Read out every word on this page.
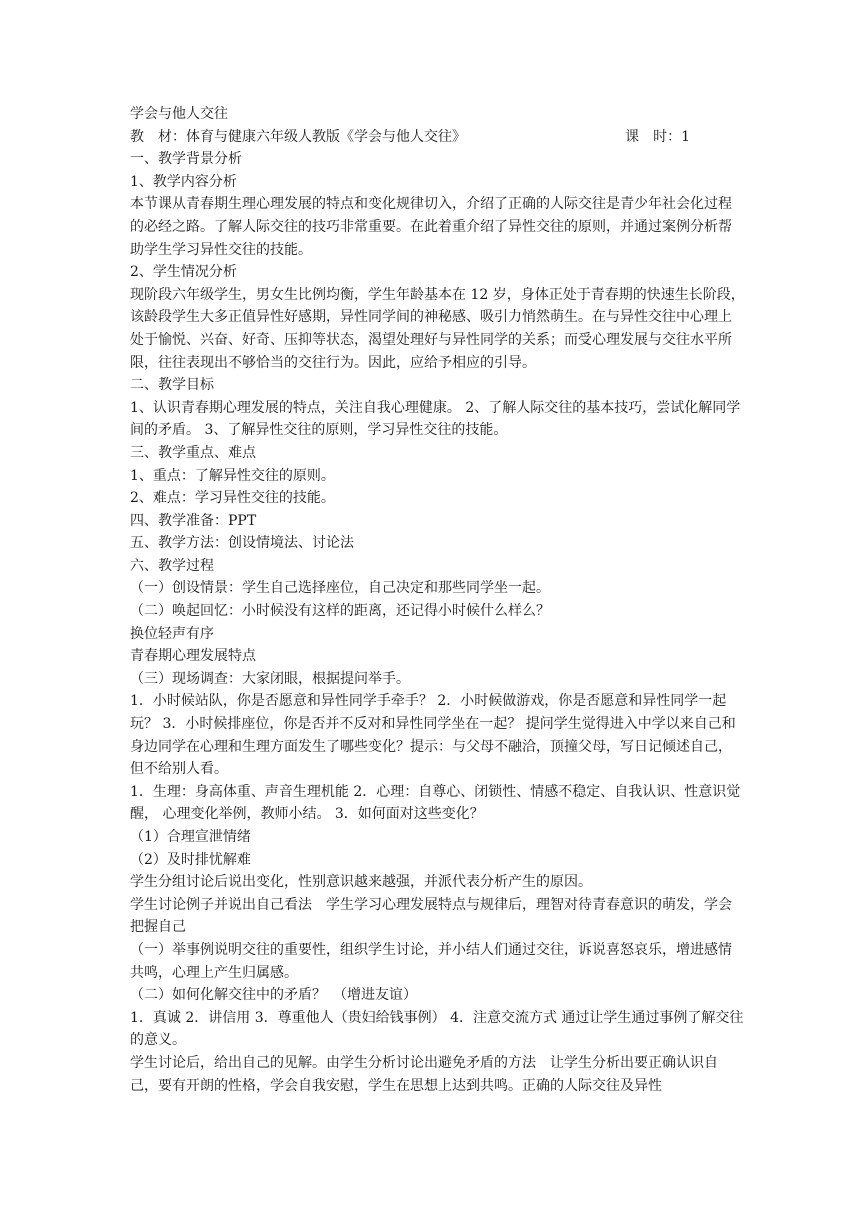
学会与他人交往

教　材：体育与健康六年级人教版《学会与他人交往》	课　时：1

一、教学背景分析

1、教学内容分析

本节课从青春期生理心理发展的特点和变化规律切入，介绍了正确的人际交往是青少年社会化过程的必经之路。了解人际交往的技巧非常重要。在此着重介绍了异性交往的原则，并通过案例分析帮助学生学习异性交往的技能。

2、学生情况分析

现阶段六年级学生，男女生比例均衡，学生年龄基本在 12 岁，身体正处于青春期的快速生长阶段，该龄段学生大多正值异性好感期，异性同学间的神秘感、吸引力悄然萌生。在与异性交往中心理上处于愉悦、兴奋、好奇、压抑等状态，渴望处理好与异性同学的关系；而受心理发展与交往水平所限，往往表现出不够恰当的交往行为。因此，应给予相应的引导。

二、教学目标

1、认识青春期心理发展的特点，关注自我心理健康。 2、了解人际交往的基本技巧，尝试化解同学间的矛盾。 3、了解异性交往的原则，学习异性交往的技能。

三、教学重点、难点

1、重点：了解异性交往的原则。

2、难点：学习异性交往的技能。

四、教学准备：PPT

五、教学方法：创设情境法、讨论法

六、教学过程

（一）创设情景：学生自己选择座位，自己决定和那些同学坐一起。

（二）唤起回忆：小时候没有这样的距离，还记得小时候什么样么？

换位轻声有序

青春期心理发展特点

（三）现场调查：大家闭眼，根据提问举手。

1．小时候站队，你是否愿意和异性同学手牵手？ 2．小时候做游戏，你是否愿意和异性同学一起玩？ 3．小时候排座位，你是否并不反对和异性同学坐在一起？ 提问学生觉得进入中学以来自己和身边同学在心理和生理方面发生了哪些变化？提示：与父母不融洽，顶撞父母，写日记倾述自己，但不给别人看。

1．生理：身高体重、声音生理机能 2．心理：自尊心、闭锁性、情感不稳定、自我认识、性意识觉醒， 心理变化举例，教师小结。 3．如何面对这些变化？

（1）合理宣泄情绪

（2）及时排忧解难

学生分组讨论后说出变化，性别意识越来越强，并派代表分析产生的原因。

学生讨论例子并说出自己看法　学生学习心理发展特点与规律后，理智对待青春意识的萌发，学会把握自己

（一）举事例说明交往的重要性，组织学生讨论，并小结人们通过交往，诉说喜怒哀乐，增进感情共鸣，心理上产生归属感。

（二）如何化解交往中的矛盾？　（增进友谊）

1．真诚 2．讲信用 3．尊重他人（贵妇给钱事例） 4．注意交流方式 通过让学生通过事例了解交往的意义。

学生讨论后，给出自己的见解。由学生分析讨论出避免矛盾的方法　让学生分析出要正确认识自己，要有开朗的性格，学会自我安慰，学生在思想上达到共鸣。正确的人际交往及异性
